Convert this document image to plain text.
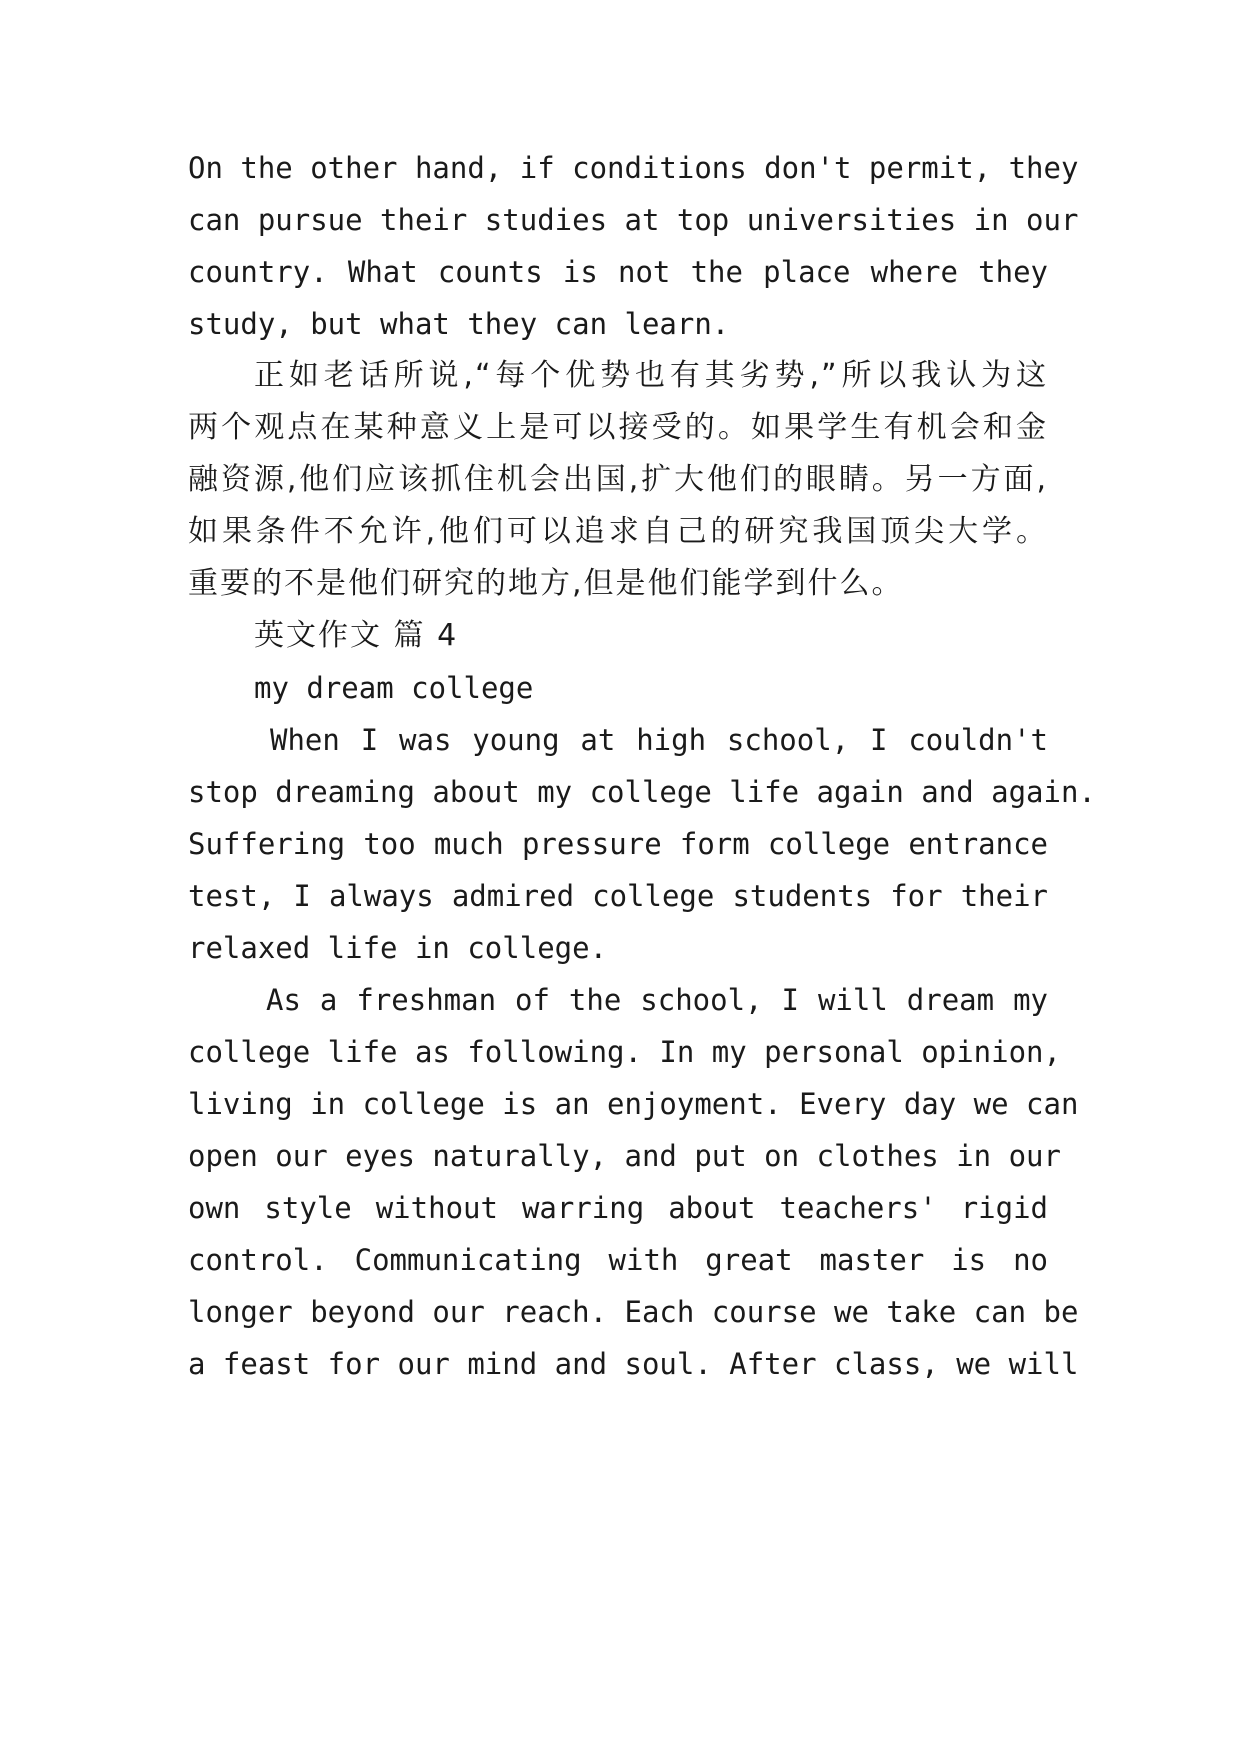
On the other hand, if conditions don't permit, they
can pursue their studies at top universities in our
country. What counts is not the place where they
study, but what they can learn.
正如老话所说,“每个优势也有其劣势,”所以我认为这
两个观点在某种意义上是可以接受的。如果学生有机会和金
融资源,他们应该抓住机会出国,扩大他们的眼睛。另一方面,
如果条件不允许,他们可以追求自己的研究我国顶尖大学。
重要的不是他们研究的地方,但是他们能学到什么。
英文作文 篇 4
my dream college
When I was young at high school, I couldn't
stop dreaming about my college life again and again.
Suffering too much pressure form college entrance
test, I always admired college students for their
relaxed life in college.
As a freshman of the school, I will dream my
college life as following. In my personal opinion,
living in college is an enjoyment. Every day we can
open our eyes naturally, and put on clothes in our
own style without warring about teachers' rigid
control. Communicating with great master is no
longer beyond our reach. Each course we take can be
a feast for our mind and soul. After class, we will
